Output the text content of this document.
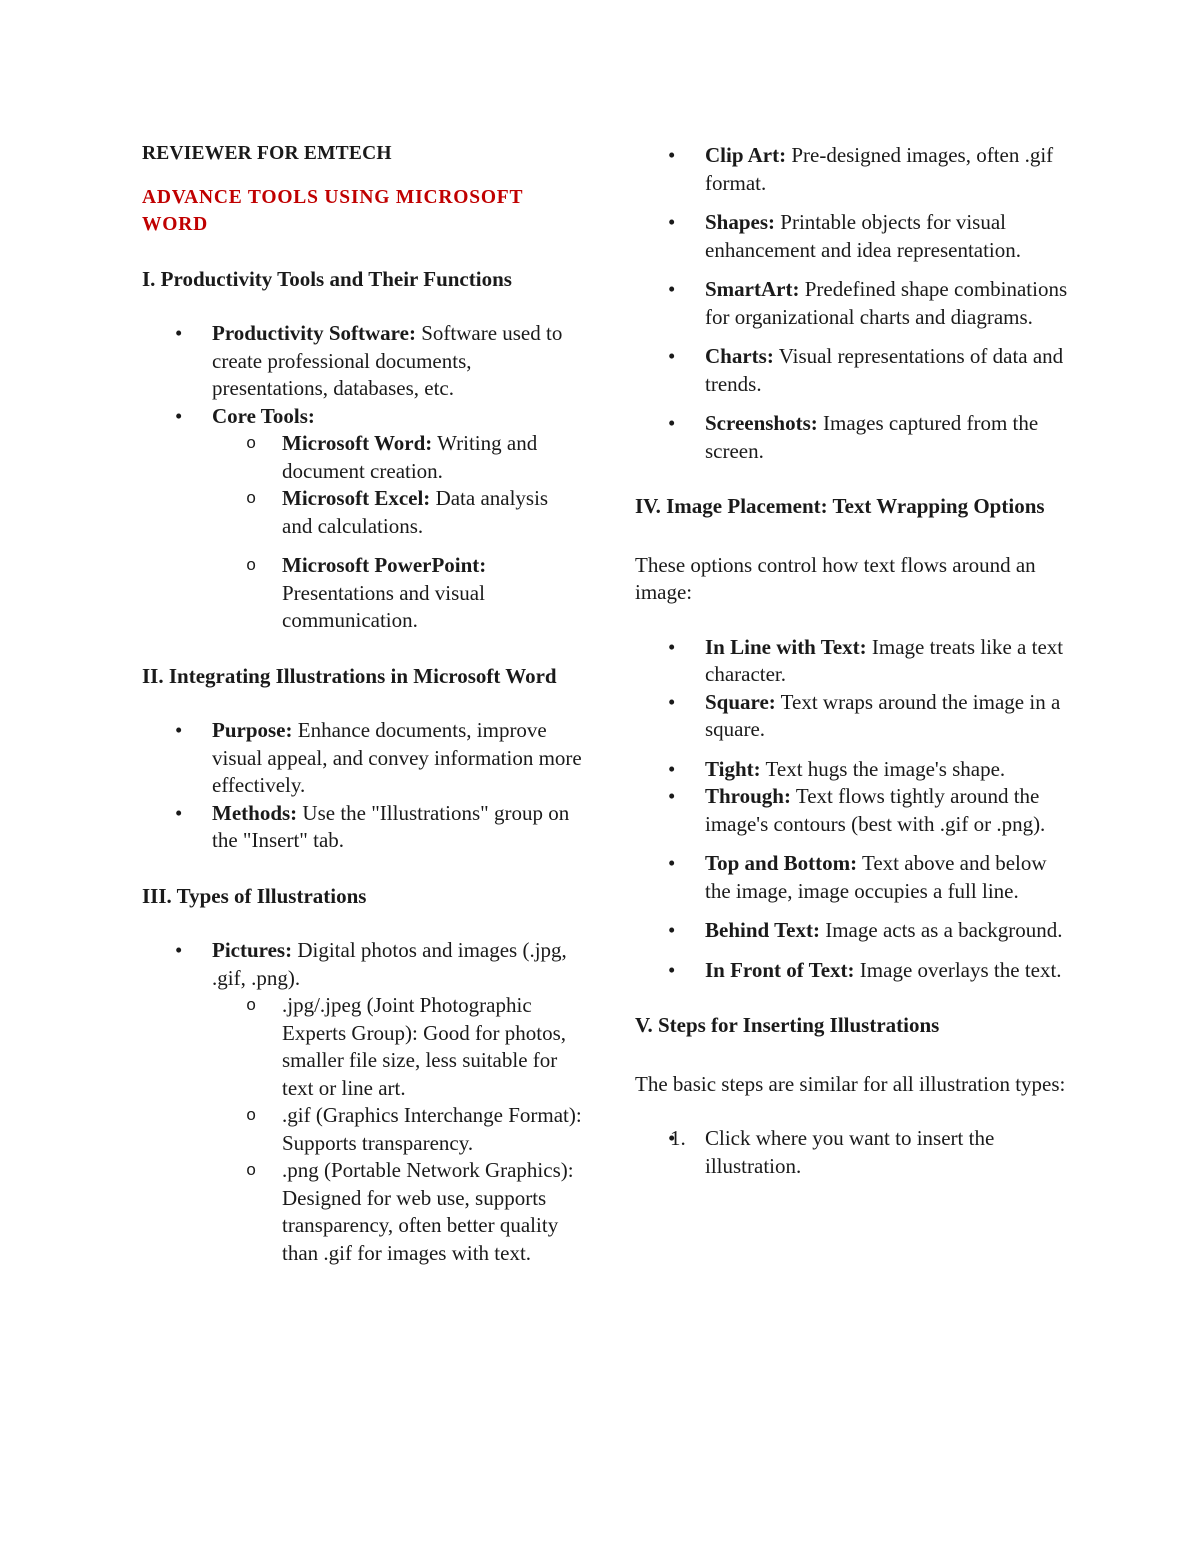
REVIEWER FOR EMTECH

ADVANCE TOOLS USING MICROSOFT WORD

I. Productivity Tools and Their Functions

• Productivity Software: Software used to create professional documents, presentations, databases, etc.
• Core Tools:
o Microsoft Word: Writing and document creation.
o Microsoft Excel: Data analysis and calculations.
o Microsoft PowerPoint: Presentations and visual communication.

II. Integrating Illustrations in Microsoft Word

• Purpose: Enhance documents, improve visual appeal, and convey information more effectively.
• Methods: Use the "Illustrations" group on the "Insert" tab.

III. Types of Illustrations

• Pictures: Digital photos and images (.jpg, .gif, .png).
o .jpg/.jpeg (Joint Photographic Experts Group): Good for photos, smaller file size, less suitable for text or line art.
o .gif (Graphics Interchange Format): Supports transparency.
o .png (Portable Network Graphics): Designed for web use, supports transparency, often better quality than .gif for images with text.
• Clip Art: Pre-designed images, often .gif format.
• Shapes: Printable objects for visual enhancement and idea representation.
• SmartArt: Predefined shape combinations for organizational charts and diagrams.
• Charts: Visual representations of data and trends.
• Screenshots: Images captured from the screen.

IV. Image Placement: Text Wrapping Options

These options control how text flows around an image:

• In Line with Text: Image treats like a text character.
• Square: Text wraps around the image in a square.
• Tight: Text hugs the image's shape.
• Through: Text flows tightly around the image's contours (best with .gif or .png).
• Top and Bottom: Text above and below the image, image occupies a full line.
• Behind Text: Image acts as a background.
• In Front of Text: Image overlays the text.

V. Steps for Inserting Illustrations

The basic steps are similar for all illustration types:

• 1. Click where you want to insert the illustration.
